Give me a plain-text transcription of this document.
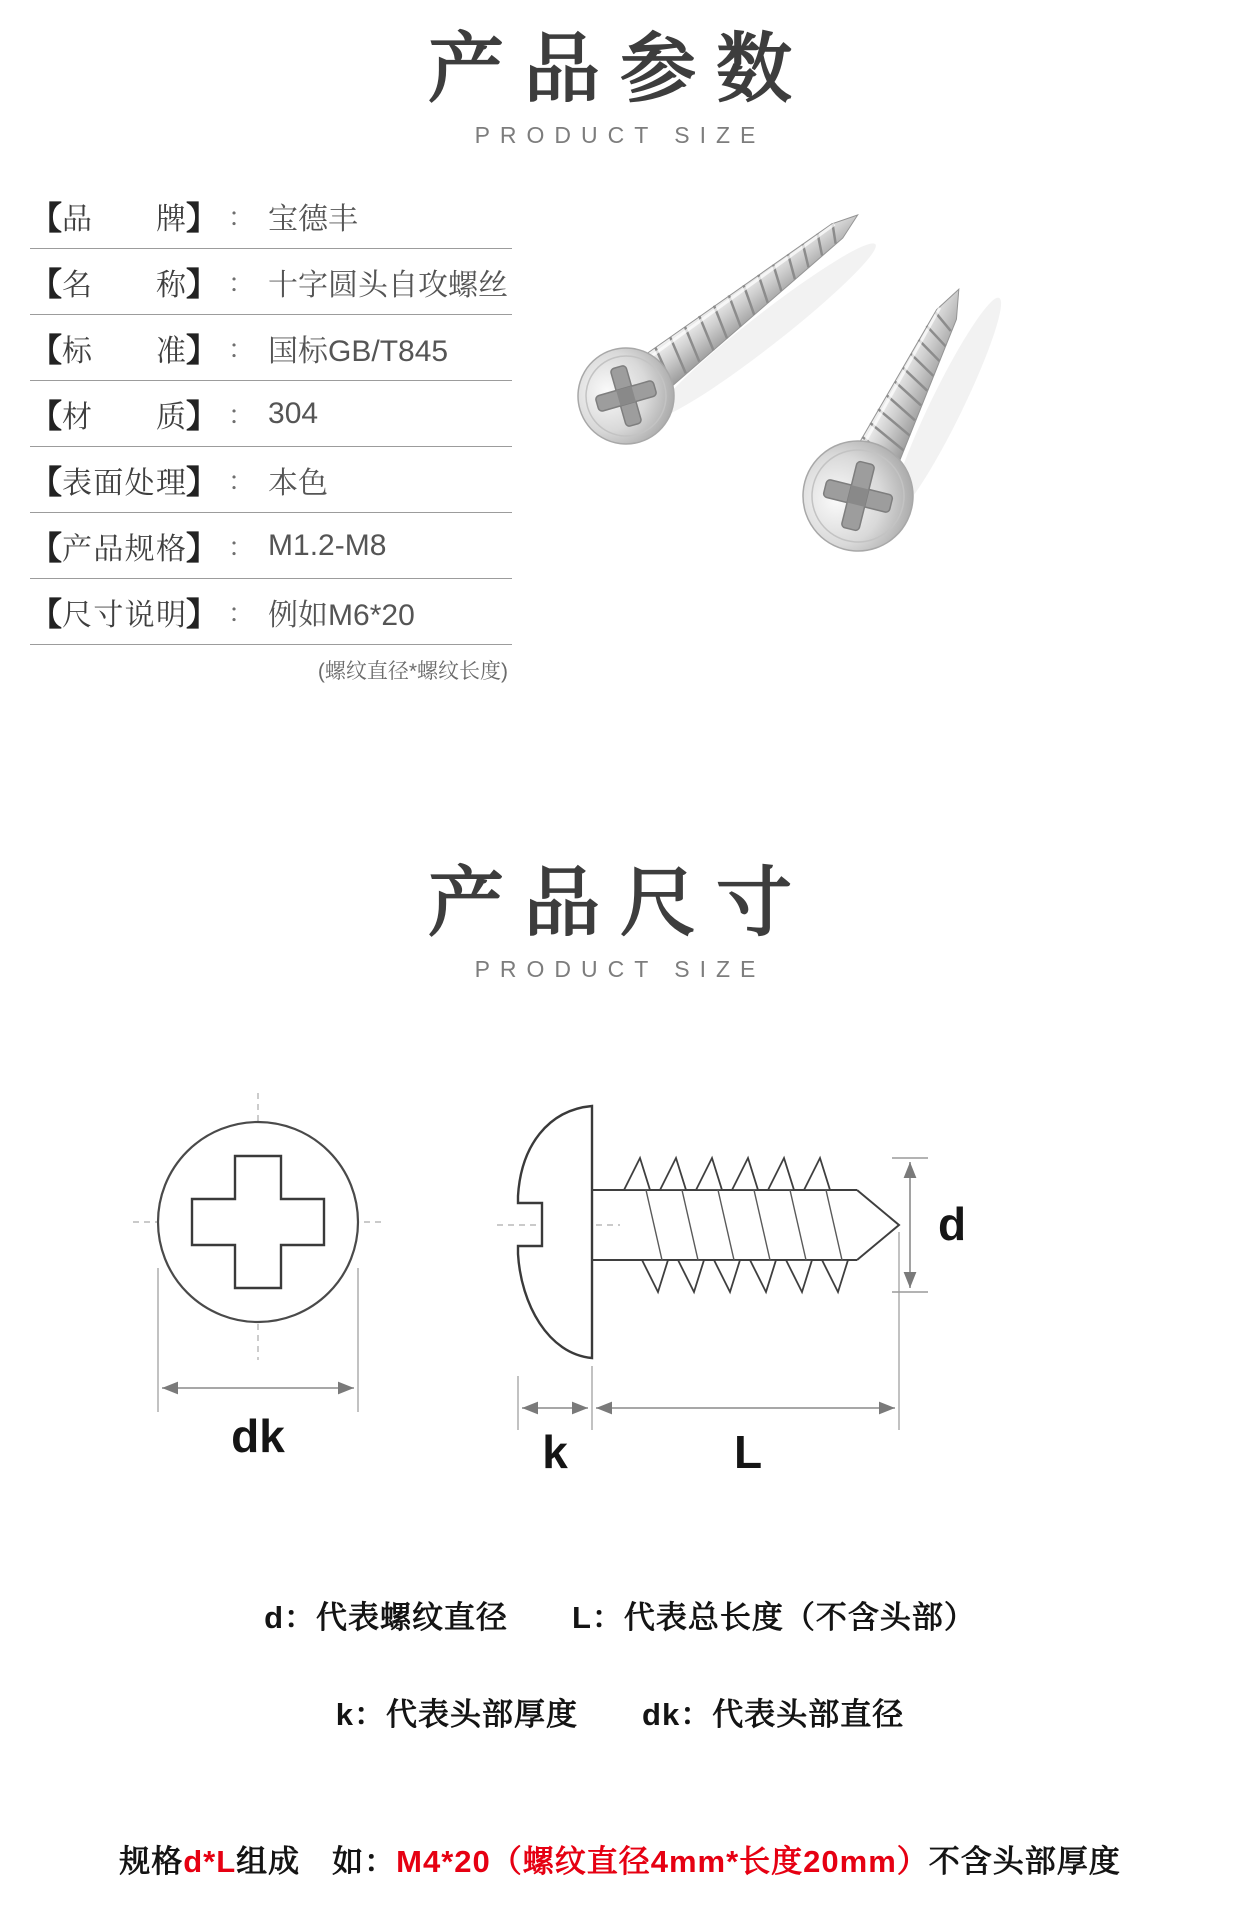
产品参数
PRODUCT SIZE
【 品牌 】 ： 宝德丰
【 名称 】 ： 十字圆头自攻螺丝
【 标准 】 ： 国标GB/T845
【 材质 】 ： 304
【 表面处理 】 ： 本色
【 产品规格 】 ： M1.2-M8
【 尺寸说明 】 ： 例如M6*20
(螺纹直径*螺纹长度)
产品尺寸
PRODUCT SIZE
dk
d
k	L
d：代表螺纹直径 L：代表总长度（不含头部）
k：代表头部厚度 dk：代表头部直径
规格d*L组成　如：M4*20（螺纹直径4mm*长度20mm）不含头部厚度
